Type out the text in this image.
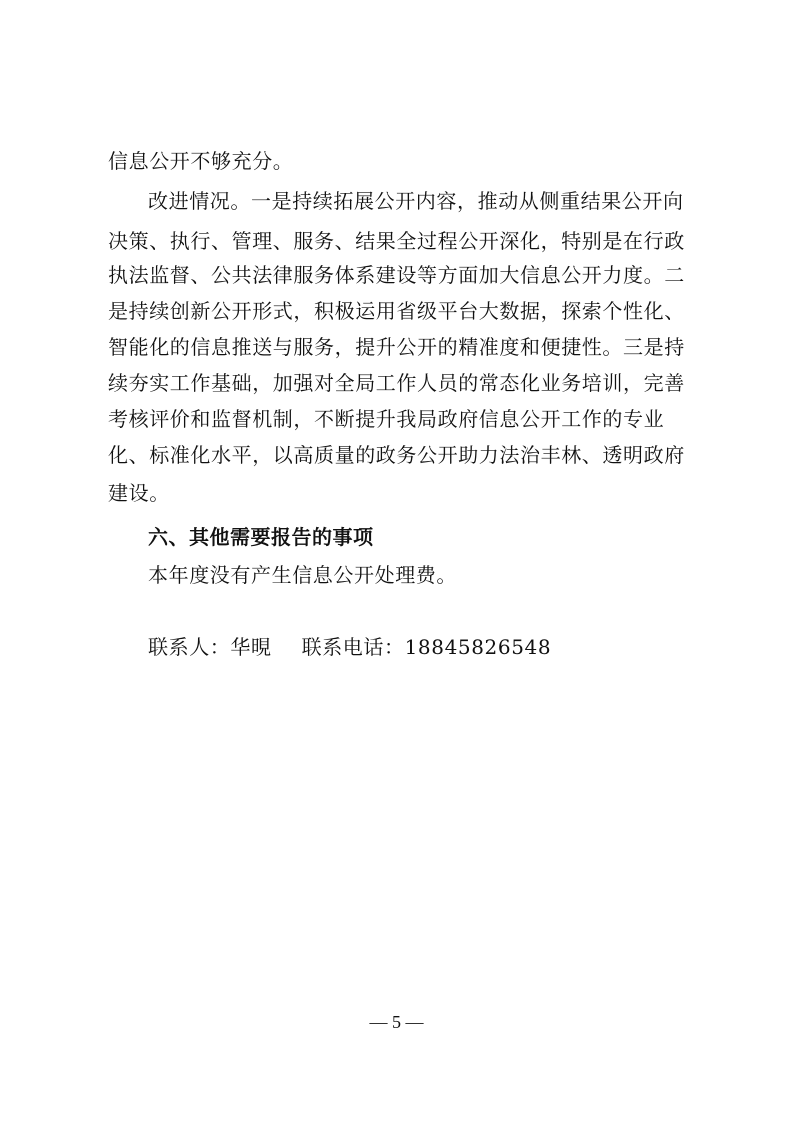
信息公开不够充分。
改进情况。一是持续拓展公开内容，推动从侧重结果公开向
决策、执行、管理、服务、结果全过程公开深化，特别是在行政
执法监督、公共法律服务体系建设等方面加大信息公开力度。二
是持续创新公开形式，积极运用省级平台大数据，探索个性化、
智能化的信息推送与服务，提升公开的精准度和便捷性。三是持
续夯实工作基础，加强对全局工作人员的常态化业务培训，完善
考核评价和监督机制，不断提升我局政府信息公开工作的专业
化、标准化水平，以高质量的政务公开助力法治丰林、透明政府
建设。
六、其他需要报告的事项
本年度没有产生信息公开处理费。
联系人：华晛 联系电话：18845826548
— 5 —
